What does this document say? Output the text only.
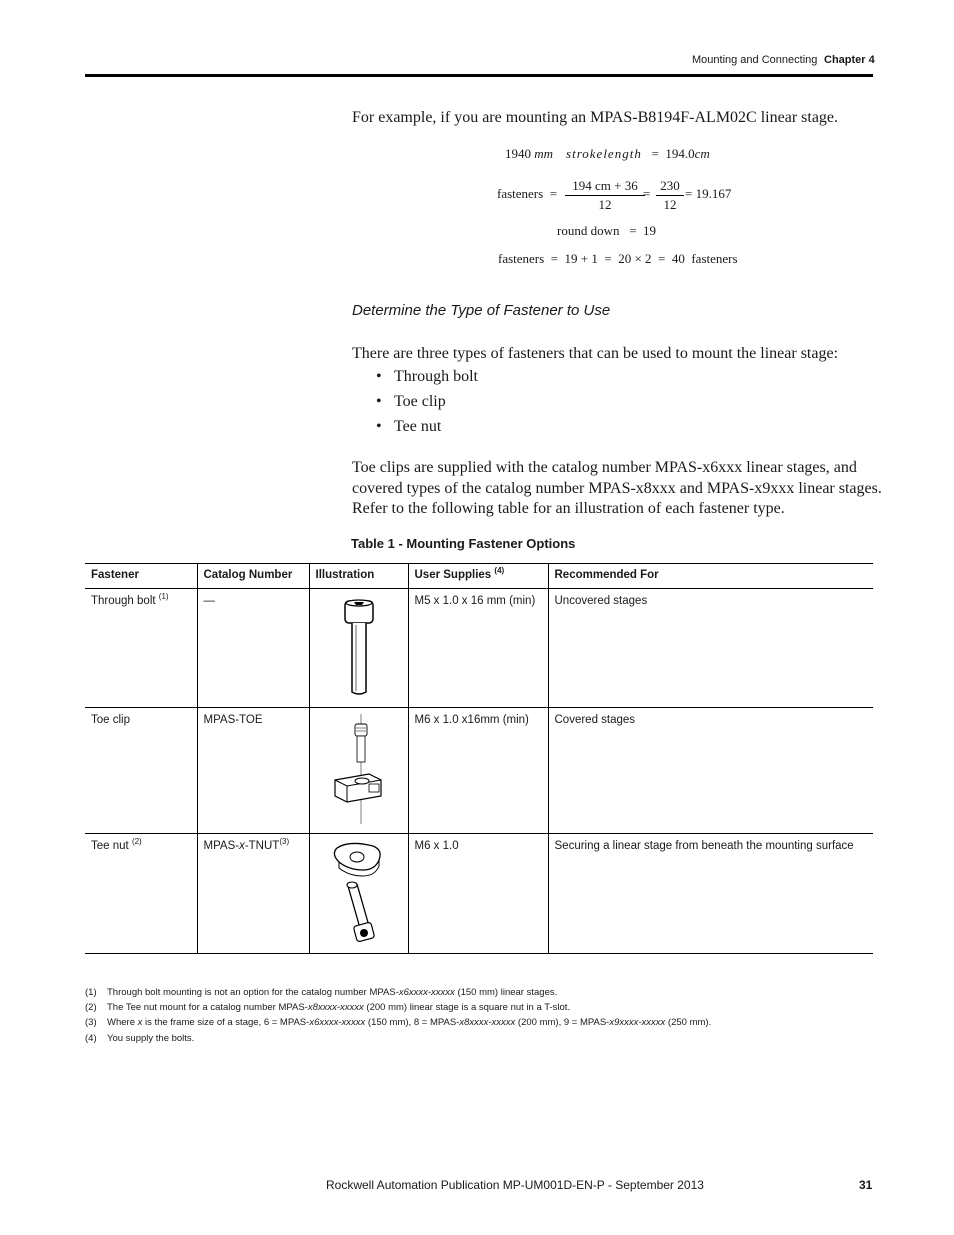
Mounting and Connecting Chapter 4
For example, if you are mounting an MPAS-B8194F-ALM02C linear stage.
1940 mm strokelength = 194.0cm
fasteners = $\frac{194 cm + 36}{12}$
= $\frac{230}{12} = 19.167$
round down   =  19
fasteners  =  19 + 1  =  20 × 2  =  40  fasteners
Determine the Type of Fastener to Use
There are three types of fasteners that can be used to mount the linear stage:
• Through bolt
• Toe clip
• Tee nut
Toe clips are supplied with the catalog number MPAS-x6xxx linear stages, and covered types of the catalog number MPAS-x8xxx and MPAS-x9xxx linear stages. Refer to the following table for an illustration of each fastener type.
Table 1 - Mounting Fastener Options
Fastener	Catalog Number	Illustration	User Supplies $^{(4)}$	Recommended For
Through bolt $^{(1)}$	—		M5 x 1.0 x 16 mm (min)	Uncovered stages
Toe clip	MPAS-TOE		M6 x 1.0 x16mm (min)	Covered stages
Tee nut $^{(2)}$	MPAS-x-TNUT$^{(3)}$		M6 x 1.0	Securing a linear stage from beneath the mounting surface
(1) Through bolt mounting is not an option for the catalog number MPAS-x6xxxx-xxxxx (150 mm) linear stages.
(2) The Tee nut mount for a catalog number MPAS-x8xxxx-xxxxx (200 mm) linear stage is a square nut in a T-slot.
(3) Where x is the frame size of a stage, 6 = MPAS-x6xxxx-xxxxx (150 mm), 8 = MPAS-x8xxxx-xxxxx (200 mm), 9 = MPAS-x9xxxx-xxxxx (250 mm).
(4) You supply the bolts.
Rockwell Automation Publication MP-UM001D-EN-P - September 2013	31
